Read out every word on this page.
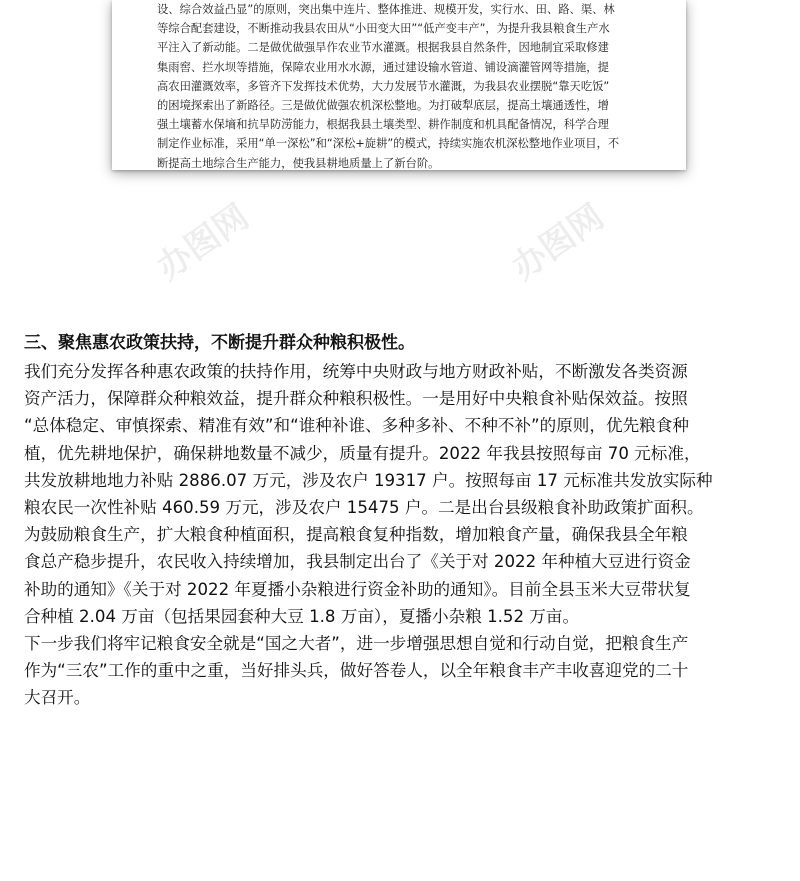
设、综合效益凸显”的原则，突出集中连片、整体推进、规模开发，实行水、田、路、渠、林
等综合配套建设，不断推动我县农田从“小田变大田”“低产变丰产”，为提升我县粮食生产水
平注入了新动能。二是做优做强旱作农业节水灌溉。根据我县自然条件，因地制宜采取修建
集雨窖、拦水坝等措施，保障农业用水水源，通过建设输水管道、铺设滴灌管网等措施，提
高农田灌溉效率，多管齐下发挥技术优势，大力发展节水灌溉，为我县农业摆脱“靠天吃饭”
的困境探索出了新路径。三是做优做强农机深松整地。为打破犁底层，提高土壤通透性，增
强土壤蓄水保墒和抗旱防涝能力，根据我县土壤类型、耕作制度和机具配备情况，科学合理
制定作业标准，采用“单一深松”和“深松+旋耕”的模式，持续实施农机深松整地作业项目，不
断提高土地综合生产能力，使我县耕地质量上了新台阶。
办图网	办图网

三、聚焦惠农政策扶持，不断提升群众种粮积极性。

我们充分发挥各种惠农政策的扶持作用，统筹中央财政与地方财政补贴，不断激发各类资源
资产活力，保障群众种粮效益，提升群众种粮积极性。一是用好中央粮食补贴保效益。按照
“总体稳定、审慎探索、精准有效”和“谁种补谁、多种多补、不种不补”的原则，优先粮食种
植，优先耕地保护，确保耕地数量不减少，质量有提升。2022 年我县按照每亩 70 元标准，
共发放耕地地力补贴 2886.07 万元，涉及农户 19317 户。按照每亩 17 元标准共发放实际种
粮农民一次性补贴 460.59 万元，涉及农户 15475 户。二是出台县级粮食补助政策扩面积。
为鼓励粮食生产，扩大粮食种植面积，提高粮食复种指数，增加粮食产量，确保我县全年粮
食总产稳步提升，农民收入持续增加，我县制定出台了《关于对 2022 年种植大豆进行资金
补助的通知》《关于对 2022 年夏播小杂粮进行资金补助的通知》。目前全县玉米大豆带状复
合种植 2.04 万亩（包括果园套种大豆 1.8 万亩），夏播小杂粮 1.52 万亩。

下一步我们将牢记粮食安全就是“国之大者”，进一步增强思想自觉和行动自觉，把粮食生产
作为“三农”工作的重中之重，当好排头兵，做好答卷人，以全年粮食丰产丰收喜迎党的二十
大召开。
